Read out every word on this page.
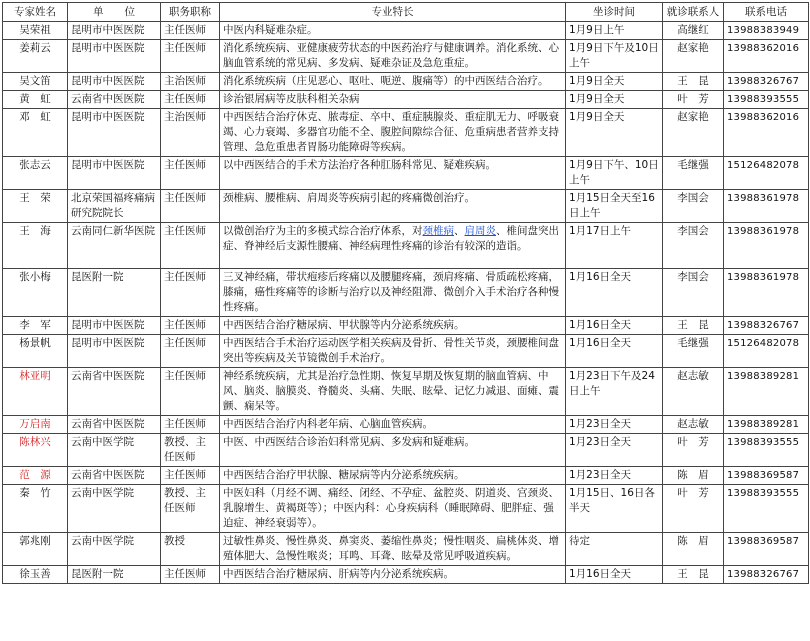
专家姓名	单　　位	职务职称	专业特长	坐诊时间	就诊联系人	联系电话
吴荣祖	昆明市中医医院	主任医师	中医内科疑难杂症。	1月9日上午	高继红	13988383949
姜莉云	昆明市中医医院	主任医师	消化系统疾病、亚健康疲劳状态的中医药治疗与健康调养。消化系统、心脑血管系统的常见病、多发病、疑难杂证及急危重症。	1月9日下午及10日上午	赵家艳	13988362016
吴文笛	昆明市中医医院	主治医师	消化系统疾病（庄见恶心、呕吐、呃逆、腹痛等）的中西医结合治疗。	1月9日全天	王　昆	13988326767
黄　虹	云南省中医医院	主任医师	诊治银屑病等皮肤科相关杂病	1月9日全天	叶　芳	13988393555
邓　虹	昆明市中医医院	主治医师	中西医结合治疗休克、脓毒症、卒中、重症胰腺炎、重症肌无力、呼吸衰竭、心力衰竭、多器官功能不全、腹腔间隙综合征、危重病患者营养支持管理、急危重患者胃肠功能障碍等疾病。	1月9日全天	赵家艳	13988362016
张志云	昆明市中医医院	主任医师	以中西医结合的手术方法治疗各种肛肠科常见、疑难疾病。	1月9日下午、10日上午	毛继强	15126482078
王　荣	北京荣国福疼痛病研究院院长	主任医师	颈椎病、腰椎病、肩周炎等疾病引起的疼痛微创治疗。	1月15日全天至16日上午	李国会	13988361978
王　海	云南同仁新华医院	主任医师	以微创治疗为主的多模式综合治疗体系，对颈椎病、肩周炎、椎间盘突出症、脊神经后支源性腰痛、神经病理性疼痛的诊治有较深的造诣。	1月17日上午	李国会	13988361978
张小梅	昆医附一院	主任医师	三叉神经痛，带状疱疹后疼痛以及腰腿疼痛，颈肩疼痛、骨质疏松疼痛，膝痛，癌性疼痛等的诊断与治疗以及神经阻滞、微创介入手术治疗各种慢性疼痛。	1月16日全天	李国会	13988361978
李　军	昆明市中医医院	主任医师	中西医结合治疗糖尿病、甲状腺等内分泌系统疾病。	1月16日全天	王　昆	13988326767
杨景帆	昆明市中医医院	主任医师	中西医结合手术治疗运动医学相关疾病及骨折、骨性关节炎，颈腰椎间盘突出等疾病及关节镜微创手术治疗。	1月16日全天	毛继强	15126482078
林亚明	云南省中医医院	主任医师	神经系统疾病，尤其是治疗急性期、恢复早期及恢复期的脑血管病、中风、脑炎、脑膜炎、脊髓炎、头痛、失眠、眩晕、记忆力减退、面瘫、震颤、痫呆等。	1月23日下午及24日上午	赵志敏	13988389281
万启南	云南省中医医院	主任医师	中西医结合治疗内科老年病、心脑血管疾病。	1月23日全天	赵志敏	13988389281
陈林兴	云南中医学院	教授、主任医师	中医、中西医结合诊治妇科常见病、多发病和疑难病。	1月23日全天	叶　芳	13988393555
范　源	云南省中医医院	主任医师	中西医结合治疗甲状腺、糖尿病等内分泌系统疾病。	1月23日全天	陈　眉	13988369587
秦　竹	云南中医学院	教授、主任医师	中医妇科（月经不调、痛经、闭经、不孕症、盆腔炎、阴道炎、宫颈炎、乳腺增生、黄褐斑等）；中医内科：心身疾病科（睡眠障碍、肥胖症、强迫症、神经衰弱等）。	1月15日、16日各半天	叶　芳	13988393555
郭兆刚	云南中医学院	教授	过敏性鼻炎、慢性鼻炎、鼻窦炎、萎缩性鼻炎；慢性咽炎、扁桃体炎、增殖体肥大、急慢性喉炎；耳鸣、耳聋、眩晕及常见呼吸道疾病。	待定	陈　眉	13988369587
徐玉善	昆医附一院	主任医师	中西医结合治疗糖尿病、肝病等内分泌系统疾病。	1月16日全天	王　昆	13988326767
